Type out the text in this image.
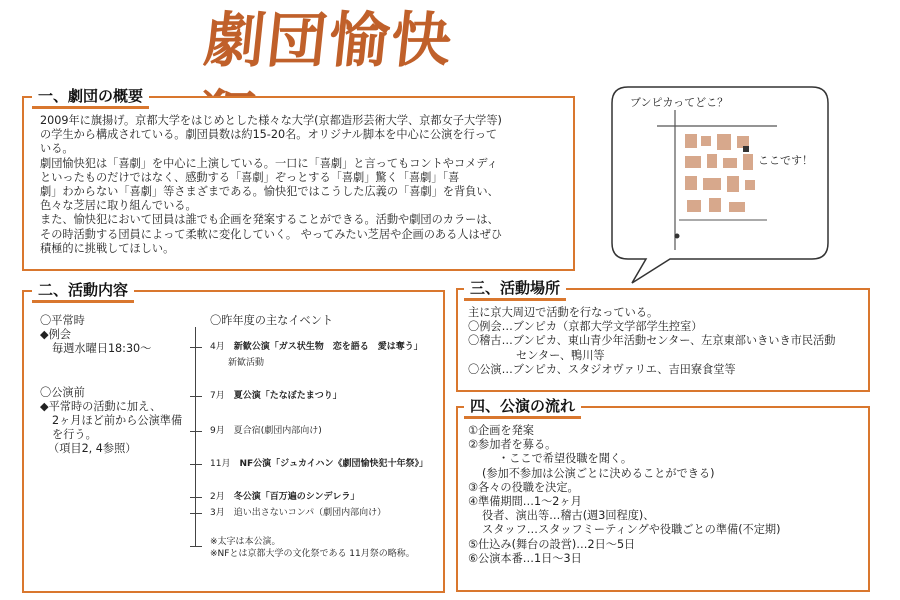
劇団愉快犯
一、劇団の概要

2009年に旗揚げ。京都大学をはじめとした様々な大学(京都造形芸術大学、京都女子大学等)

の学生から構成されている。劇団員数は約15-20名。オリジナル脚本を中心に公演を行って

いる。

劇団愉快犯は「喜劇」を中心に上演している。一口に「喜劇」と言ってもコントやコメディ

といったものだけではなく、感動する「喜劇」ぞっとする「喜劇」驚く「喜劇」「喜

劇」わからない「喜劇」等さまざまである。愉快犯ではこうした広義の「喜劇」を背負い、

色々な芝居に取り組んでいる。

また、愉快犯において団員は誰でも企画を発案することができる。活動や劇団のカラーは、

その時活動する団員によって柔軟に変化していく。 やってみたい芝居や企画のある人はぜひ

積極的に挑戦してほしい。

ブンピカってどこ？
ここです！
二、活動内容
〇平常時
◆例会
毎週水曜日18:30〜
〇公演前
◆平常時の活動に加え、
2ヶ月ほど前から公演準備
を行う。
（項目2, 4参照）
〇昨年度の主なイベント
4月　 新歓公演「ガス状生物　恋を語る　愛は奪う」
新歓活動
7月　 夏公演「たなぼたまつり」
9月　 夏合宿(劇団内部向け)
11月　 NF公演「ジュカイハン《劇団愉快犯十年祭》」
2月　 冬公演「百万遍のシンデレラ」
3月　 追い出さないコンパ（劇団内部向け）
※太字は本公演。
※NFとは京都大学の文化祭である 11月祭の略称。
三、活動場所

主に京大周辺で活動を行なっている。

〇例会…ブンピカ（京都大学文学部学生控室）

〇稽古…ブンピカ、東山青少年活動センター、左京東部いきいき市民活動

センター、鴨川等

〇公演…ブンピカ、スタジオヴァリエ、吉田寮食堂等

四、公演の流れ

①企画を発案

②参加者を募る。

・ここで希望役職を聞く。

(参加不参加は公演ごとに決めることができる)

③各々の役職を決定。

④準備期間…1〜2ヶ月

役者、演出等…稽古(週3回程度)、

スタッフ…スタッフミーティングや役職ごとの準備(不定期)

⑤仕込み(舞台の設営)…2日〜5日

⑥公演本番…1日〜3日
